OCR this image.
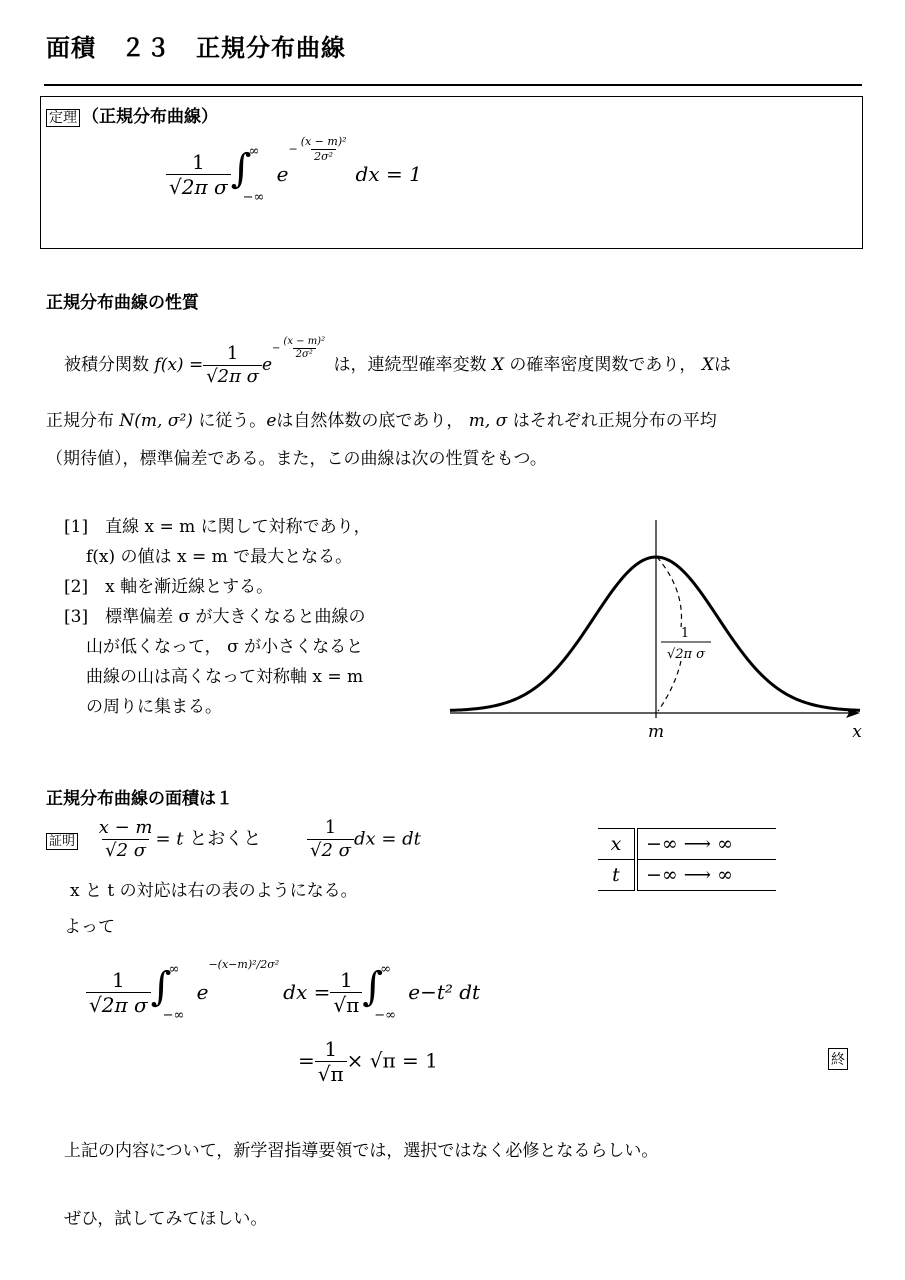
面積　２３　正規分布曲線
定理 （正規分布曲線）
$\frac{1}{\text{√2π σ}}$ ∫
∞
−∞
$e- \frac{\text{(x − m)²}}{\text{2σ²}}$
dx = 1
正規分布曲線の性質
被積分関数 $f(x) = \frac{1}{\text{√2π σ}} e- \frac{\text{(x − m)²}}{\text{2σ²}}$
は，連続型確率変数 X の確率密度関数であり， Xは
正規分布 N(m, σ²) に従う。eは自然体数の底であり， m, σ はそれぞれ正規分布の平均
（期待値），標準偏差である。また，この曲線は次の性質をもつ。
[1]　 直線 x = m に関して対称であり，
f(x) の値は x = m で最大となる。
[2]　 x 軸を漸近線とする。
[3]　 標準偏差 σ が大きくなると曲線の
山が低くなって， σ が小さくなると
曲線の山は高くなって対称軸 x = m
の周りに集まる。
1
√2π σ
m	x
正規分布曲線の面積は１
証明 $\frac{x - m}{√2 \sigma} = t$ とおくと	$\frac{1}{√2 \sigma}$ dx = dt
x と t の対応は右の表のようになる。
よって
x	−∞ ⟶ ∞
t	−∞ ⟶ ∞
$\frac{1}{\text{√2π σ}}$ ∫
∞
−∞
$e-(x-m)^2/2\sigma^2dx = \frac{1}{√\pi}$ ∫
∞
−∞
e−t² dt
= $\frac{1}{√\pi} \times √\pi = 1$	終
上記の内容について，新学習指導要領では，選択ではなく必修となるらしい。
ぜひ，試してみてほしい。
